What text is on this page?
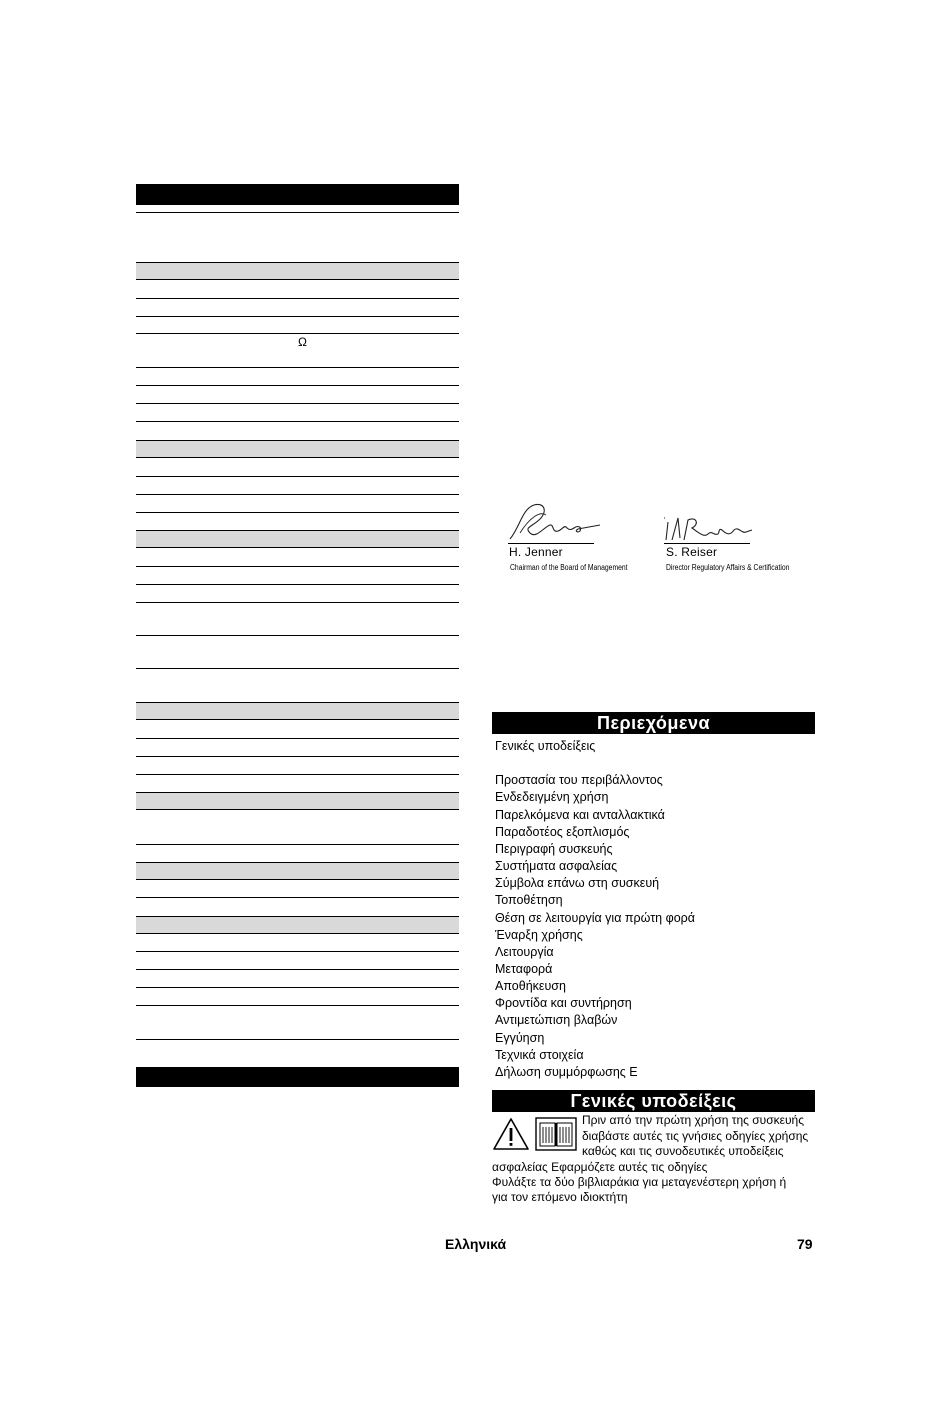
Ω
H. Jenner
Chairman of the Board of Management
S. Reiser
Director Regulatory Affairs & Certification
Περιεχόμενα
Γενικές υποδείξεις
Προστασία του περιβάλλοντος
Ενδεδειγμένη χρήση
Παρελκόμενα και ανταλλακτικά
Παραδοτέος εξοπλισμός
Περιγραφή συσκευής
Συστήματα ασφαλείας
Σύμβολα επάνω στη συσκευή
Τοποθέτηση
Θέση σε λειτουργία για πρώτη φορά
Έναρξη χρήσης
Λειτουργία
Μεταφορά
Αποθήκευση
Φροντίδα και συντήρηση
Αντιμετώπιση βλαβών
Εγγύηση
Τεχνικά στοιχεία
Δήλωση συμμόρφωσης Ε
Γενικές υποδείξεις
Πριν από την πρώτη χρήση της συσκευής
διαβάστε αυτές τις γνήσιες οδηγίες χρήσης
καθώς και τις συνοδευτικές υποδείξεις
ασφαλείας Εφαρμόζετε αυτές τις οδηγίες
Φυλάξτε τα δύο βιβλιαράκια για μεταγενέστερη χρήση ή
για τον επόμενο ιδιοκτήτη
Ελληνικά	79
